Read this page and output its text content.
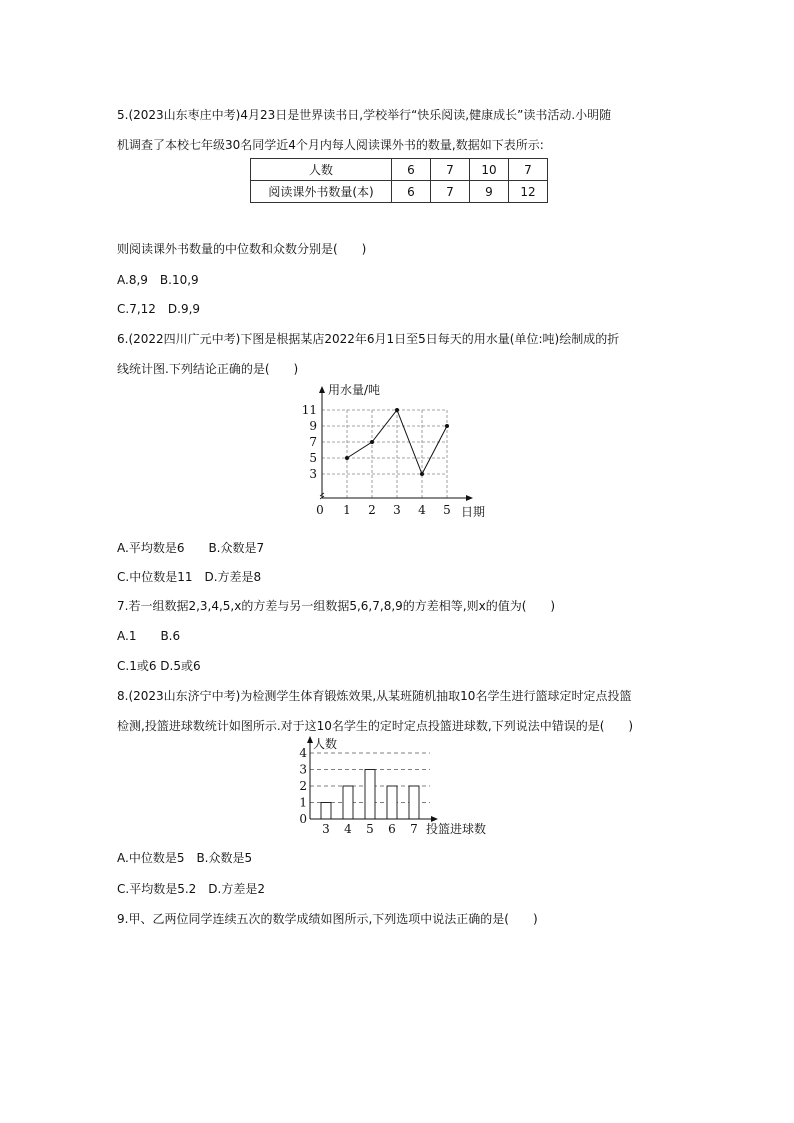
5.(2023山东枣庄中考)4月23日是世界读书日,学校举行“快乐阅读,健康成长”读书活动.小明随
机调查了本校七年级30名同学近4个月内每人阅读课外书的数量,数据如下表所示:
人数	6	7	10	7
阅读课外书数量(本)	6	7	9	12
则阅读课外书数量的中位数和众数分别是(　　)
A.8,9　B.10,9
C.7,12　D.9,9
6.(2022四川广元中考)下图是根据某店2022年6月1日至5日每天的用水量(单位:吨)绘制成的折
线统计图.下列结论正确的是(　　)
3
5
7
9
11
1 2 3 4 5
用水量/吨
日期
0
A.平均数是6　　B.众数是7
C.中位数是11　D.方差是8
7.若一组数据2,3,4,5,x的方差与另一组数据5,6,7,8,9的方差相等,则x的值为(　　)
A.1　　B.6
C.1或6 D.5或6
8.(2023山东济宁中考)为检测学生体育锻炼效果,从某班随机抽取10名学生进行篮球定时定点投篮
检测,投篮进球数统计如图所示.对于这10名学生的定时定点投篮进球数,下列说法中错误的是(　　)
0
1
2
3
4
3 4 5 6 7
人数
投篮进球数
A.中位数是5　B.众数是5
C.平均数是5.2　D.方差是2
9.甲、乙两位同学连续五次的数学成绩如图所示,下列选项中说法正确的是(　　)
